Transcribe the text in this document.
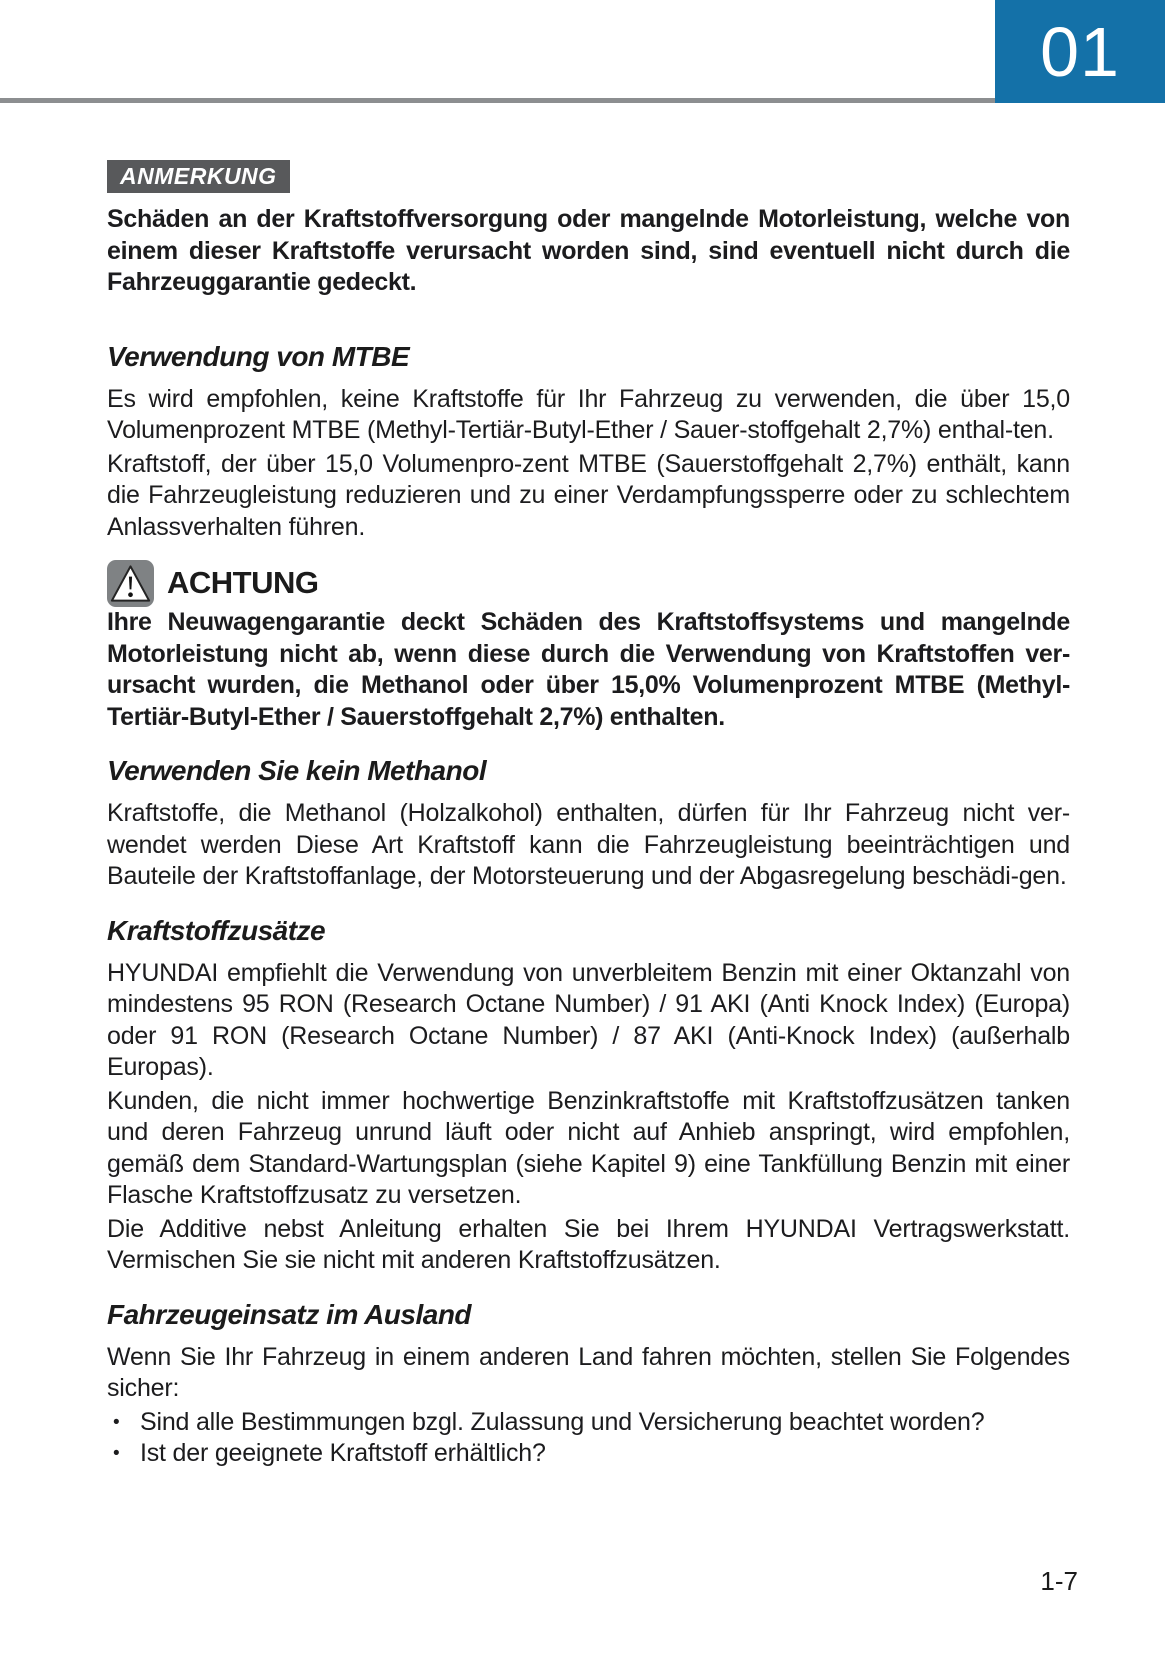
01
ANMERKUNG

Schäden an der Kraftstoffversorgung oder mangelnde Motorleistung, welche von einem dieser Kraftstoffe verursacht worden sind, sind eventuell nicht durch die Fahrzeuggarantie gedeckt.

Verwendung von MTBE

Es wird empfohlen, keine Kraftstoffe für Ihr Fahrzeug zu verwenden, die über 15,0 Volumenprozent MTBE (Methyl-Tertiär-Butyl-Ether / Sauer-stoffgehalt 2,7%) enthal-ten.

Kraftstoff, der über 15,0 Volumenpro-zent MTBE (Sauerstoffgehalt 2,7%) enthält, kann die Fahrzeugleistung reduzieren und zu einer Verdampfungssperre oder zu schlechtem Anlassverhalten führen.

ACHTUNG

Ihre Neuwagengarantie deckt Schäden des Kraftstoffsystems und mangelnde Motorleistung nicht ab, wenn diese durch die Verwendung von Kraftstoffen ver-ursacht wurden, die Methanol oder über 15,0% Volumenprozent MTBE (Methyl-Tertiär-Butyl-Ether / Sauerstoffgehalt 2,7%) enthalten.

Verwenden Sie kein Methanol

Kraftstoffe, die Methanol (Holzalkohol) enthalten, dürfen für Ihr Fahrzeug nicht ver-wendet werden Diese Art Kraftstoff kann die Fahrzeugleistung beeinträchtigen und Bauteile der Kraftstoffanlage, der Motorsteuerung und der Abgasregelung beschädi-gen.

Kraftstoffzusätze

HYUNDAI empfiehlt die Verwendung von unverbleitem Benzin mit einer Oktanzahl von mindestens 95 RON (Research Octane Number) / 91 AKI (Anti Knock Index) (Europa) oder 91 RON (Research Octane Number) / 87 AKI (Anti-Knock Index) (außerhalb Europas).

Kunden, die nicht immer hochwertige Benzinkraftstoffe mit Kraftstoffzusätzen tanken und deren Fahrzeug unrund läuft oder nicht auf Anhieb anspringt, wird empfohlen, gemäß dem Standard-Wartungsplan (siehe Kapitel 9) eine Tankfüllung Benzin mit einer Flasche Kraftstoffzusatz zu versetzen.

Die Additive nebst Anleitung erhalten Sie bei Ihrem HYUNDAI Vertragswerkstatt. Vermischen Sie sie nicht mit anderen Kraftstoffzusätzen.

Fahrzeugeinsatz im Ausland

Wenn Sie Ihr Fahrzeug in einem anderen Land fahren möchten, stellen Sie Folgendes sicher:

• Sind alle Bestimmungen bzgl. Zulassung und Versicherung beachtet worden?
• Ist der geeignete Kraftstoff erhältlich?
1-7
